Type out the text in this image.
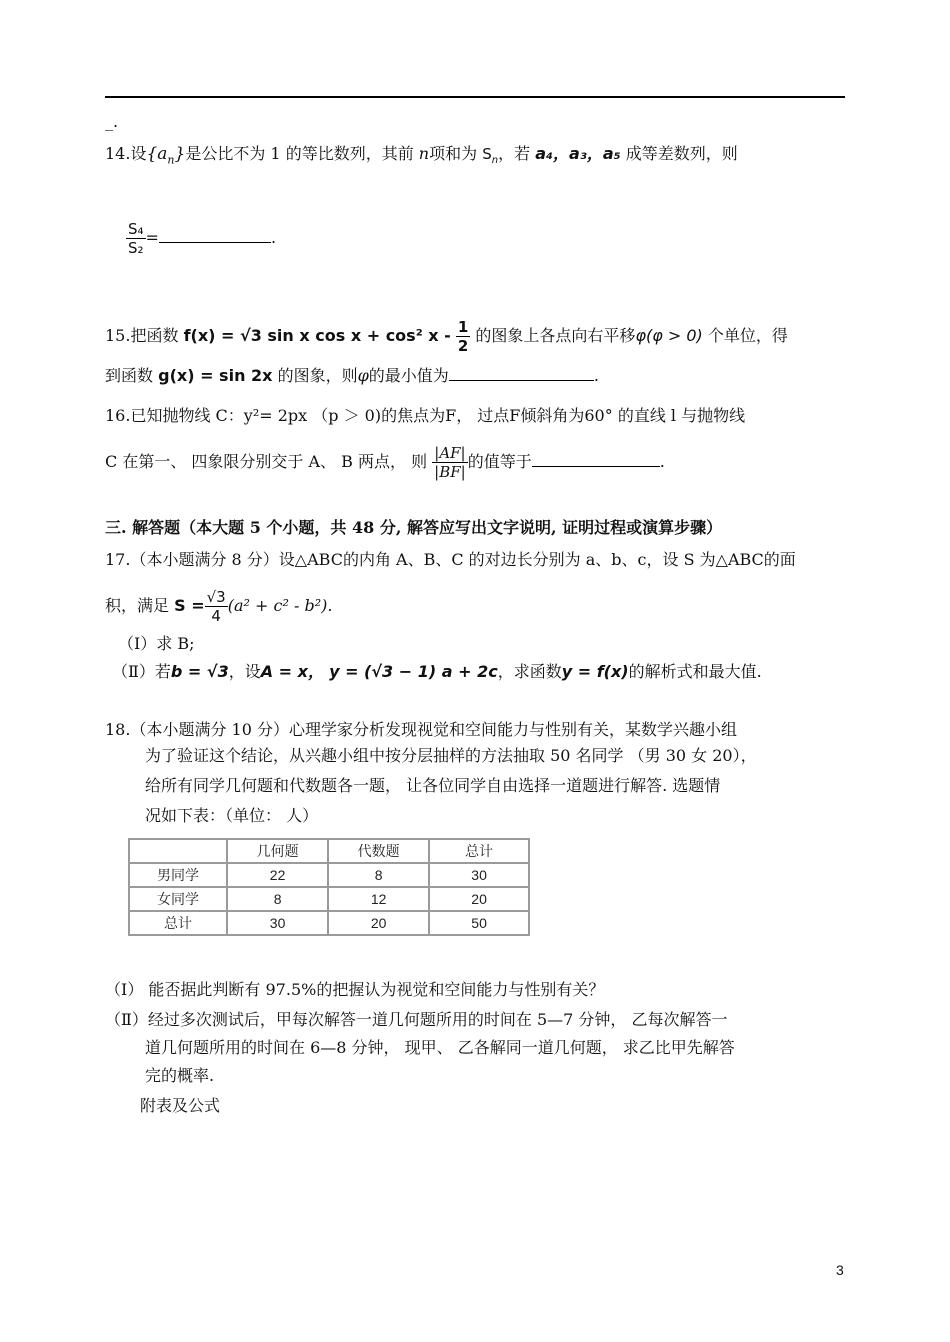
_.
14.设$\{a_n\}$是公比不为 1 的等比数列，其前 n项和为 $S_n$，若 a₄，a₃，a₅ 成等差数列，则
$\frac{\text{S₄}}{\text{S₂}}$ =	.
15.把函数 f(x) = √3 sin x cos x + cos² x - $\frac{1}{2}$ 的图象上各点向右平移φ(φ > 0) 个单位，得
到函数 g(x) = sin 2x 的图象，则φ的最小值为	.
16.已知抛物线 C：y²= 2px （p ＞ 0)的焦点为F， 过点F倾斜角为60° 的直线 l 与抛物线
C 在第一、 四象限分别交于 A、 B 两点， 则 $\frac{|AF|}{|BF|}$ 的值等于	.
三. 解答题（本大题 5 个小题，共 48 分, 解答应写出文字说明, 证明过程或演算步骤）
17.（本小题满分 8 分）设△ABC的内角 A、B、C 的对边长分别为 a、b、c，设 S 为△ABC的面
积，满足 $S = \frac{√3}{4} (a^2 + c^2 - b^2)$.
（Ⅰ）求 B;
（Ⅱ）若b = √3，设A = x， y = (√3 − 1) a + 2c，求函数y = f(x)的解析式和最大值.
18.（本小题满分 10 分）心理学家分析发现视觉和空间能力与性别有关，某数学兴趣小组
为了验证这个结论，从兴趣小组中按分层抽样的方法抽取 50 名同学 （男 30 女 20），
给所有同学几何题和代数题各一题， 让各位同学自由选择一道题进行解答. 选题情
况如下表：（单位： 人）
	几何题	代数题	总计
男同学	22	8	30
女同学	8	12	20
总计	30	20	50
（Ⅰ） 能否据此判断有 97.5%的把握认为视觉和空间能力与性别有关？
（Ⅱ）经过多次测试后，甲每次解答一道几何题所用的时间在 5—7 分钟， 乙每次解答一
道几何题所用的时间在 6—8 分钟， 现甲、 乙各解同一道几何题， 求乙比甲先解答
完的概率.
附表及公式
3
